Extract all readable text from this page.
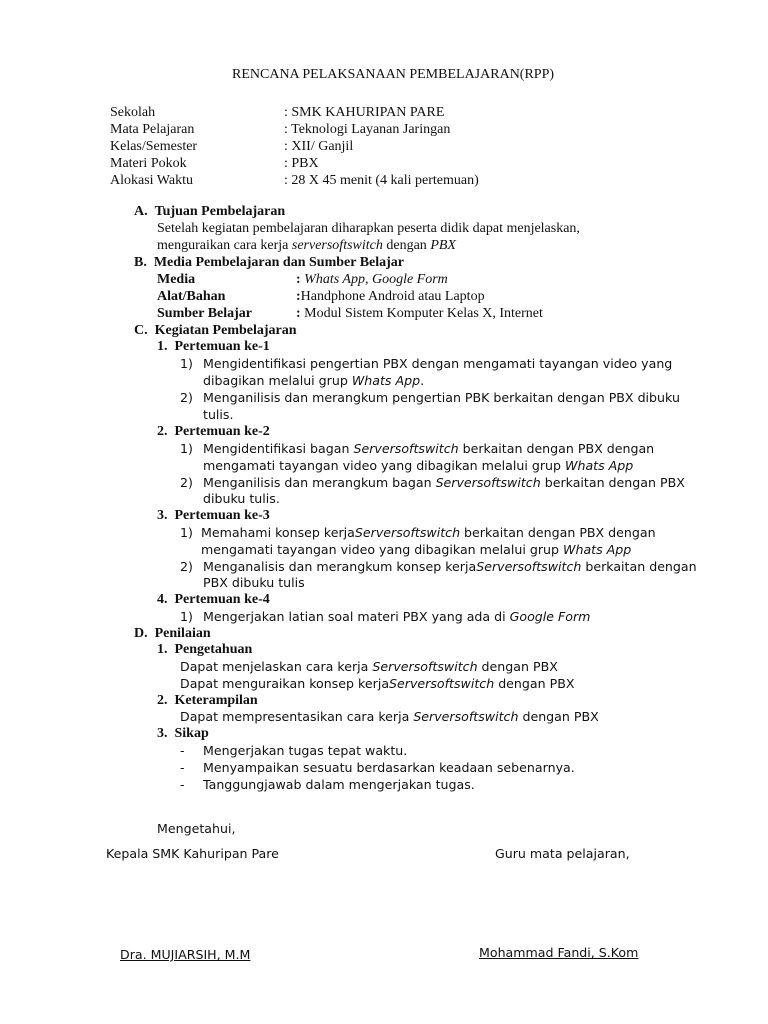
RENCANA PELAKSANAAN PEMBELAJARAN(RPP)
Sekolah	: SMK KAHURIPAN PARE
Mata Pelajaran	: Teknologi Layanan Jaringan
Kelas/Semester	: XII/ Ganjil
Materi Pokok	: PBX
Alokasi Waktu	: 28 X 45 menit (4 kali pertemuan)
A.  Tujuan Pembelajaran
Setelah kegiatan pembelajaran diharapkan peserta didik dapat menjelaskan,
menguraikan cara kerja serversoftswitch dengan PBX
B.  Media Pembelajaran dan Sumber Belajar
Media	: Whats App, Google Form
Alat/Bahan	:Handphone Android atau Laptop
Sumber Belajar	: Modul Sistem Komputer Kelas X, Internet
C.  Kegiatan Pembelajaran
1.  Pertemuan ke-1
1) Mengidentifikasi pengertian PBX dengan mengamati tayangan video yang
dibagikan melalui grup Whats App.
2) Menganilisis dan merangkum pengertian PBK berkaitan dengan PBX dibuku
tulis.
2.  Pertemuan ke-2
1) Mengidentifikasi bagan Serversoftswitch berkaitan dengan PBX dengan
mengamati tayangan video yang dibagikan melalui grup Whats App
2) Menganilisis dan merangkum bagan Serversoftswitch berkaitan dengan PBX
dibuku tulis.
3.  Pertemuan ke-3
1) Memahami konsep kerjaServersoftswitch berkaitan dengan PBX dengan
mengamati tayangan video yang dibagikan melalui grup Whats App
2) Menganalisis dan merangkum konsep kerjaServersoftswitch berkaitan dengan
PBX dibuku tulis
4.  Pertemuan ke-4
1) Mengerjakan latian soal materi PBX yang ada di Google Form
D.  Penilaian
1.  Pengetahuan
Dapat menjelaskan cara kerja Serversoftswitch dengan PBX
Dapat menguraikan konsep kerjaServersoftswitch dengan PBX
2.  Keterampilan
Dapat mempresentasikan cara kerja Serversoftswitch dengan PBX
3.  Sikap
- Mengerjakan tugas tepat waktu.
- Menyampaikan sesuatu berdasarkan keadaan sebenarnya.
- Tanggungjawab dalam mengerjakan tugas.
Mengetahui,
Kepala SMK Kahuripan Pare	Guru mata pelajaran,
Dra. MUJIARSIH, M.M	Mohammad Fandi, S.Kom
